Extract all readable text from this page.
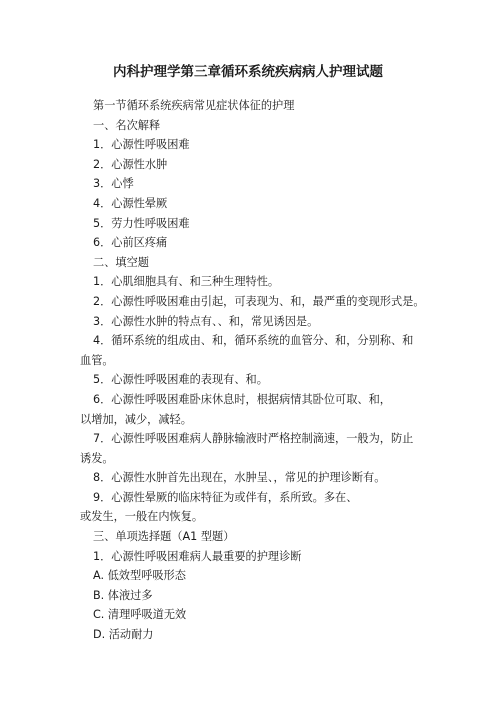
内科护理学第三章循环系统疾病病人护理试题
第一节循环系统疾病常见症状体征的护理
一、名次解释
1．心源性呼吸困难
2．心源性水肿
3．心悸
4．心源性晕厥
5．劳力性呼吸困难
6．心前区疼痛
二、填空题
1．心肌细胞具有、和三种生理特性。
2．心源性呼吸困难由引起，可表现为、和，最严重的变现形式是。
3．心源性水肿的特点有、、和，常见诱因是。
4．循环系统的组成由、和，循环系统的血管分、和，分别称、和
血管。
5．心源性呼吸困难的表现有、和。
6．心源性呼吸困难卧床休息时，根据病情其卧位可取、和，
以增加，减少，减轻。
7．心源性呼吸困难病人静脉输液时严格控制滴速，一般为，防止
诱发。
8．心源性水肿首先出现在，水肿呈、，常见的护理诊断有。
9．心源性晕厥的临床特征为或伴有，系所致。多在、
或发生，一般在内恢复。
三、单项选择题（A1 型题）
1．心源性呼吸困难病人最重要的护理诊断
A. 低效型呼吸形态
B. 体液过多
C. 清理呼吸道无效
D. 活动耐力
